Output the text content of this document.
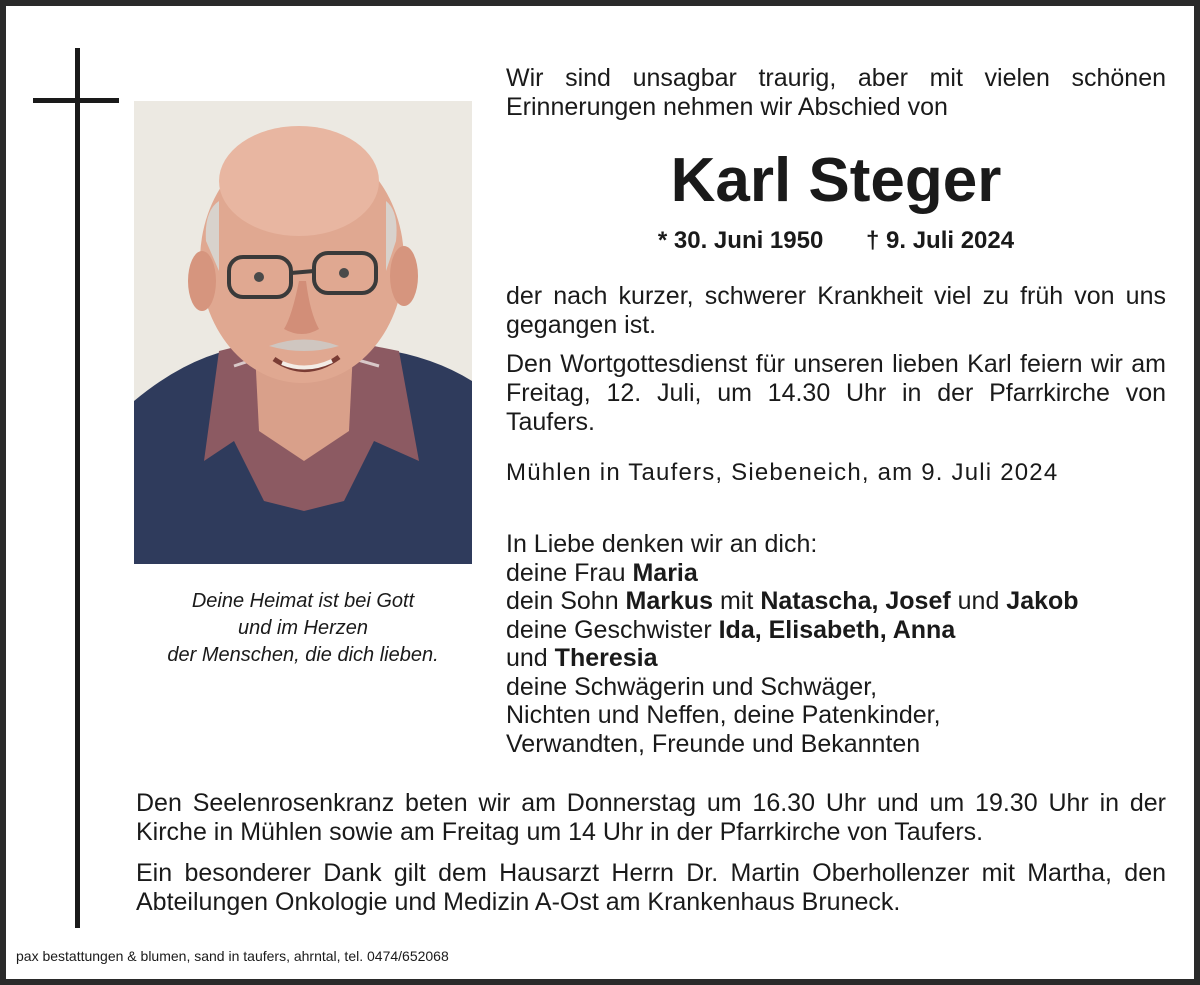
Deine Heimat ist bei Gott
und im Herzen
der Menschen, die dich lieben.
Wir sind unsagbar traurig, aber mit vielen schönen Erinnerungen nehmen wir Abschied von
Karl Steger
* 30. Juni 1950 † 9. Juli 2024
der nach kurzer, schwerer Krankheit viel zu früh von uns gegangen ist.
Den Wortgottesdienst für unseren lieben Karl feiern wir am Freitag, 12. Juli, um 14.30 Uhr in der Pfarrkirche von Taufers.
Mühlen in Taufers, Siebeneich, am 9. Juli 2024
In Liebe denken wir an dich:
deine Frau Maria
dein Sohn Markus mit Natascha, Josef und Jakob
deine Geschwister Ida, Elisabeth, Anna
und Theresia
deine Schwägerin und Schwäger,
Nichten und Neffen, deine Patenkinder,
Verwandten, Freunde und Bekannten
Den Seelenrosenkranz beten wir am Donnerstag um 16.30 Uhr und um 19.30 Uhr in der Kirche in Mühlen sowie am Freitag um 14 Uhr in der Pfarrkirche von Taufers.
Ein besonderer Dank gilt dem Hausarzt Herrn Dr. Martin Oberhollenzer mit Martha, den Abteilungen Onkologie und Medizin A-Ost am Krankenhaus Bruneck.
pax bestattungen & blumen, sand in taufers, ahrntal, tel. 0474/652068
